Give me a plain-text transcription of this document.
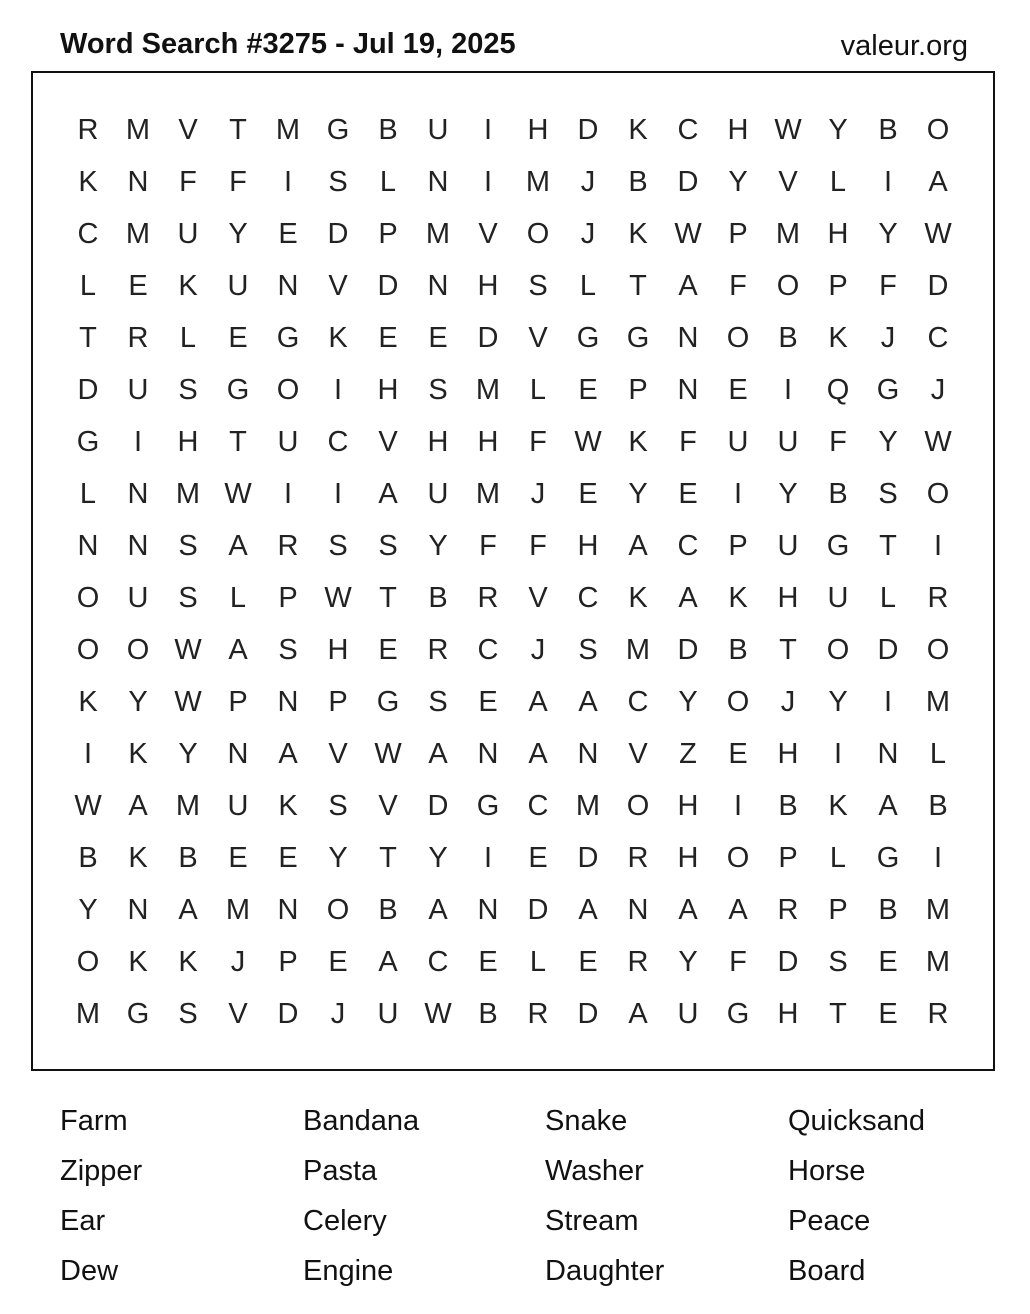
Word Search #3275 - Jul 19, 2025	valeur.org
R M V	T	M G	B	U	I	H	D	K	C	H W Y	B	O
K	N	F	F	I	S	L	N	I	M	J	B	D	Y	V	L	I	A
C M U	Y	E	D	P M V	O	J	K W P M H	Y W
L	E	K	U	N	V	D	N	H	S	L	T	A	F	O	P	F	D
T	R	L	E	G	K	E	E	D	V	G G N O	B	K	J	C
D	U	S	G O	I	H	S M	L	E	P	N	E	I	Q G	J
G	I	H	T	U	C	V	H	H	F W K	F	U	U	F	Y W
L	N M W	I	I	A	U M	J	E	Y	E	I	Y	B	S	O
N	N	S	A	R	S	S	Y	F	F	H	A	C	P	U G	T	I
O U	S	L	P W T	B	R	V	C	K	A	K	H	U	L	R
O O W A	S	H	E	R	C	J	S M D	B	T	O D O
K	Y W P	N	P	G	S	E	A	A	C	Y	O	J	Y	I	M
I	K	Y	N	A	V W A	N	A	N	V	Z	E	H	I	N	L
W A M U	K	S	V	D G C M O H	I	B	K	A	B
B	K	B	E	E	Y	T	Y	I	E	D	R	H O	P	L	G	I
Y	N	A M N O	B	A	N	D	A	N	A	A	R	P	B M
O	K	K	J	P	E	A	C	E	L	E	R	Y	F	D	S	E M
M G	S	V	D	J	U W B	R	D	A	U G H	T	E	R
Farm
Zipper
Ear
Dew
Bandana
Pasta
Celery
Engine
Snake
Washer
Stream
Daughter
Quicksand
Horse
Peace
Board
